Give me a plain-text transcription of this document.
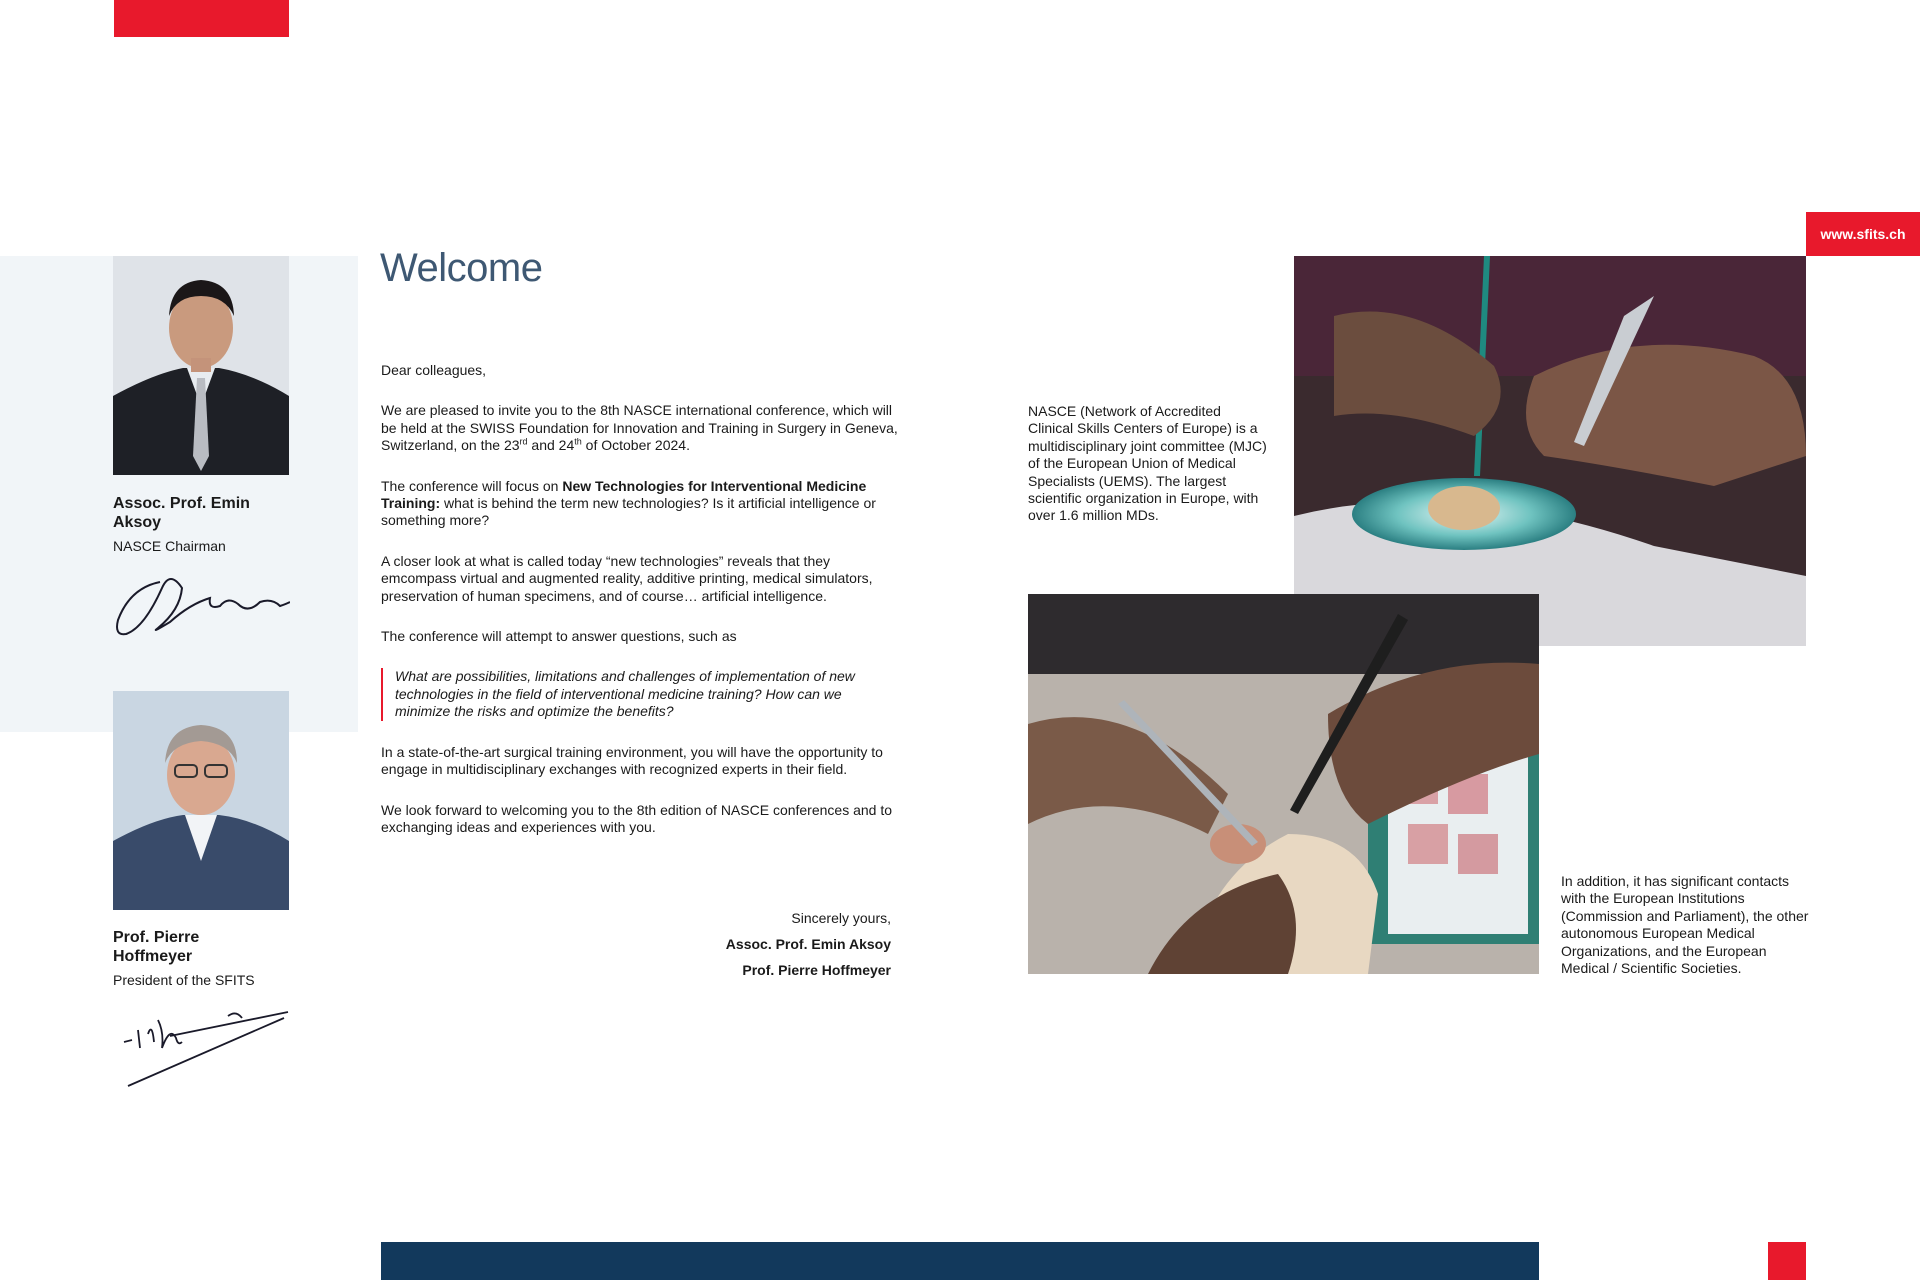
www.sfits.ch
Assoc. Prof. Emin Aksoy
NASCE Chairman
Prof. Pierre Hoffmeyer
President of the SFITS
Welcome

Dear colleagues,

We are pleased to invite you to the 8th NASCE international conference, which will be held at the SWISS Foundation for Innovation and Training in Surgery in Geneva, Switzerland, on the 23rd and 24th of October 2024.

The conference will focus on New Technologies for Interventional Medicine Training: what is behind the term new technologies? Is it artificial intelligence or something more?

A closer look at what is called today “new technologies” reveals that they emcompass virtual and augmented reality, additive printing, medical simulators, preservation of human specimens, and of course… artificial intelligence.

The conference will attempt to answer questions, such as

What are possibilities, limitations and challenges of implementation of new technologies in the field of interventional medicine training? How can we minimize the risks and optimize the benefits?

In a state-of-the-art surgical training environment, you will have the opportunity to engage in multidisciplinary exchanges with recognized experts in their field.

We look forward to welcoming you to the 8th edition of NASCE conferences and to exchanging ideas and experiences with you.

Sincerely yours,
Assoc. Prof. Emin Aksoy
Prof. Pierre Hoffmeyer
NASCE (Network of Accredited Clinical Skills Centers of Europe) is a multidisciplinary joint committee (MJC) of the European Union of Medical Specialists (UEMS). The largest scientific organization in Europe, with over 1.6 million MDs.
In addition, it has significant contacts with the European Institutions (Commission and Parliament), the other autonomous European Medical Organizations, and the European Medical / Scientific Societies.
